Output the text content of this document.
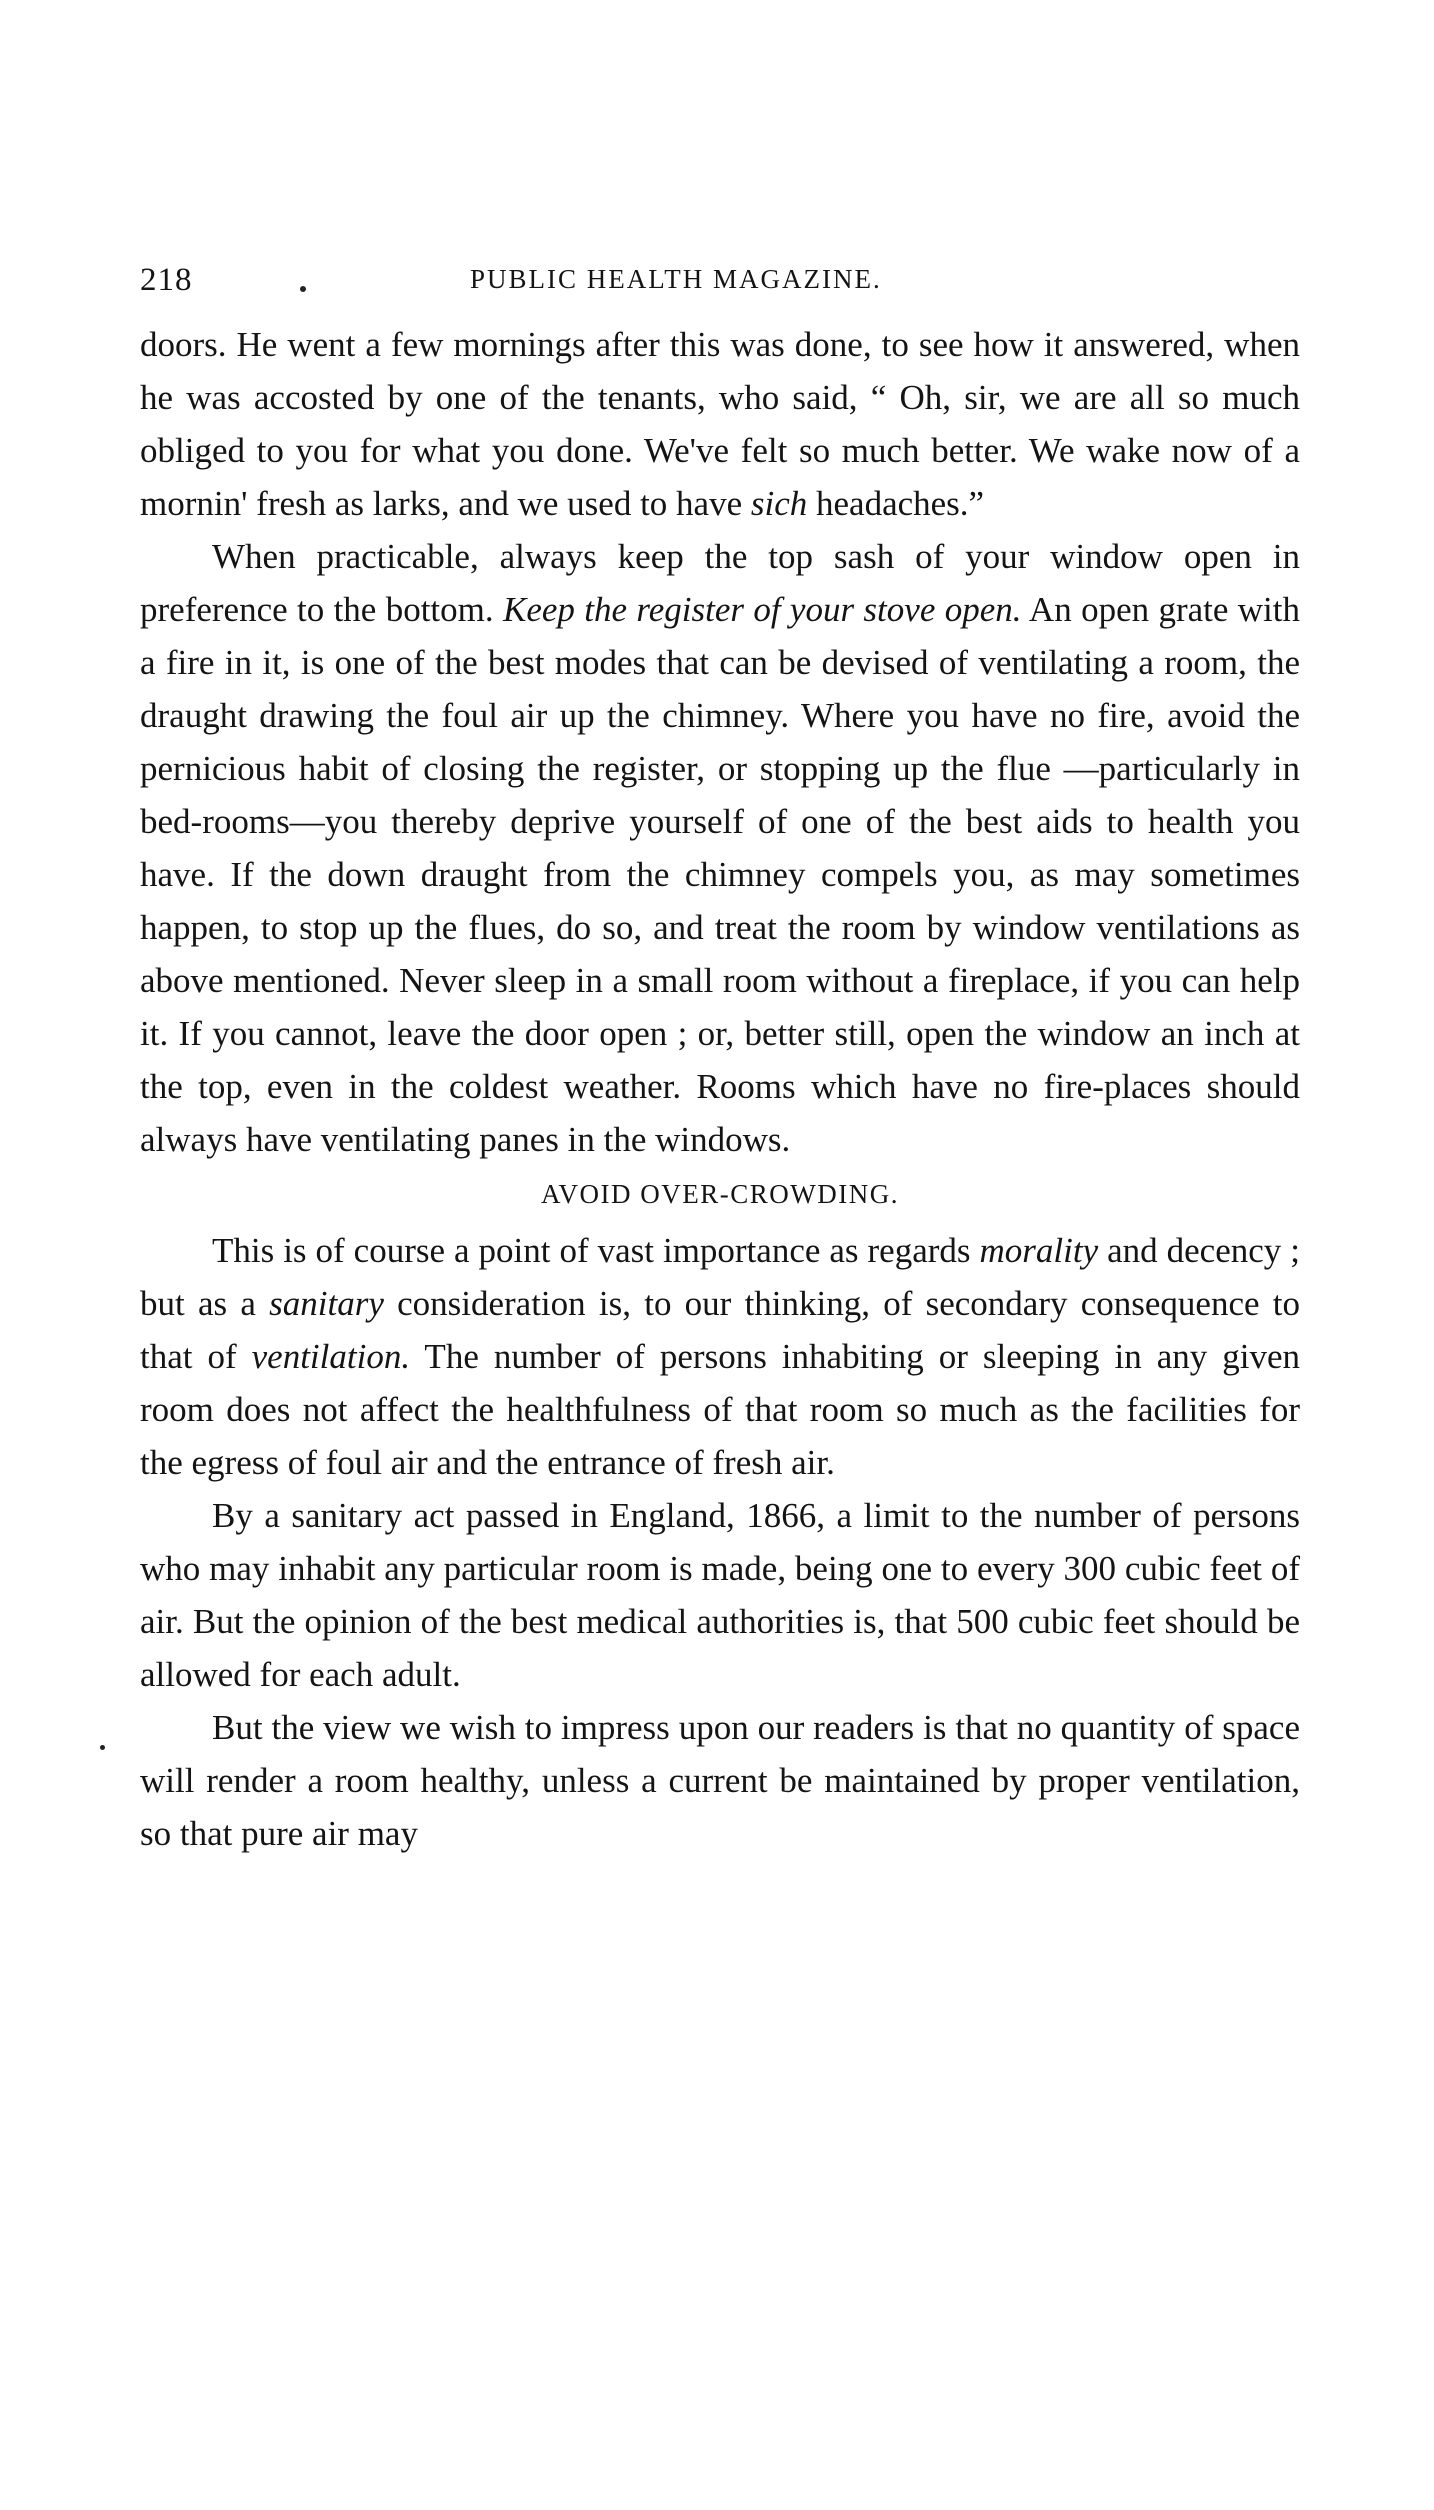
218	PUBLIC HEALTH MAGAZINE.

doors. He went a few mornings after this was done, to see how it answered, when he was accosted by one of the tenants, who said, “ Oh, sir, we are all so much obliged to you for what you done. We've felt so much better. We wake now of a mornin' fresh as larks, and we used to have sich headaches.”

When practicable, always keep the top sash of your window open in preference to the bottom. Keep the register of your stove open. An open grate with a fire in it, is one of the best modes that can be devised of ventilating a room, the draught drawing the foul air up the chimney. Where you have no fire, avoid the pernicious habit of closing the register, or stopping up the flue —particularly in bed-rooms—you thereby deprive yourself of one of the best aids to health you have. If the down draught from the chimney compels you, as may sometimes happen, to stop up the flues, do so, and treat the room by window ventilations as above mentioned. Never sleep in a small room without a fireplace, if you can help it. If you cannot, leave the door open ; or, better still, open the window an inch at the top, even in the coldest weather. Rooms which have no fire-places should always have ventilating panes in the windows.

AVOID OVER-CROWDING.

This is of course a point of vast importance as regards morality and decency ; but as a sanitary consideration is, to our thinking, of secondary consequence to that of ventilation. The number of persons inhabiting or sleeping in any given room does not affect the healthfulness of that room so much as the facilities for the egress of foul air and the entrance of fresh air.

By a sanitary act passed in England, 1866, a limit to the number of persons who may inhabit any particular room is made, being one to every 300 cubic feet of air. But the opinion of the best medical authorities is, that 500 cubic feet should be allowed for each adult.

But the view we wish to impress upon our readers is that no quantity of space will render a room healthy, unless a current be maintained by proper ventilation, so that pure air may
